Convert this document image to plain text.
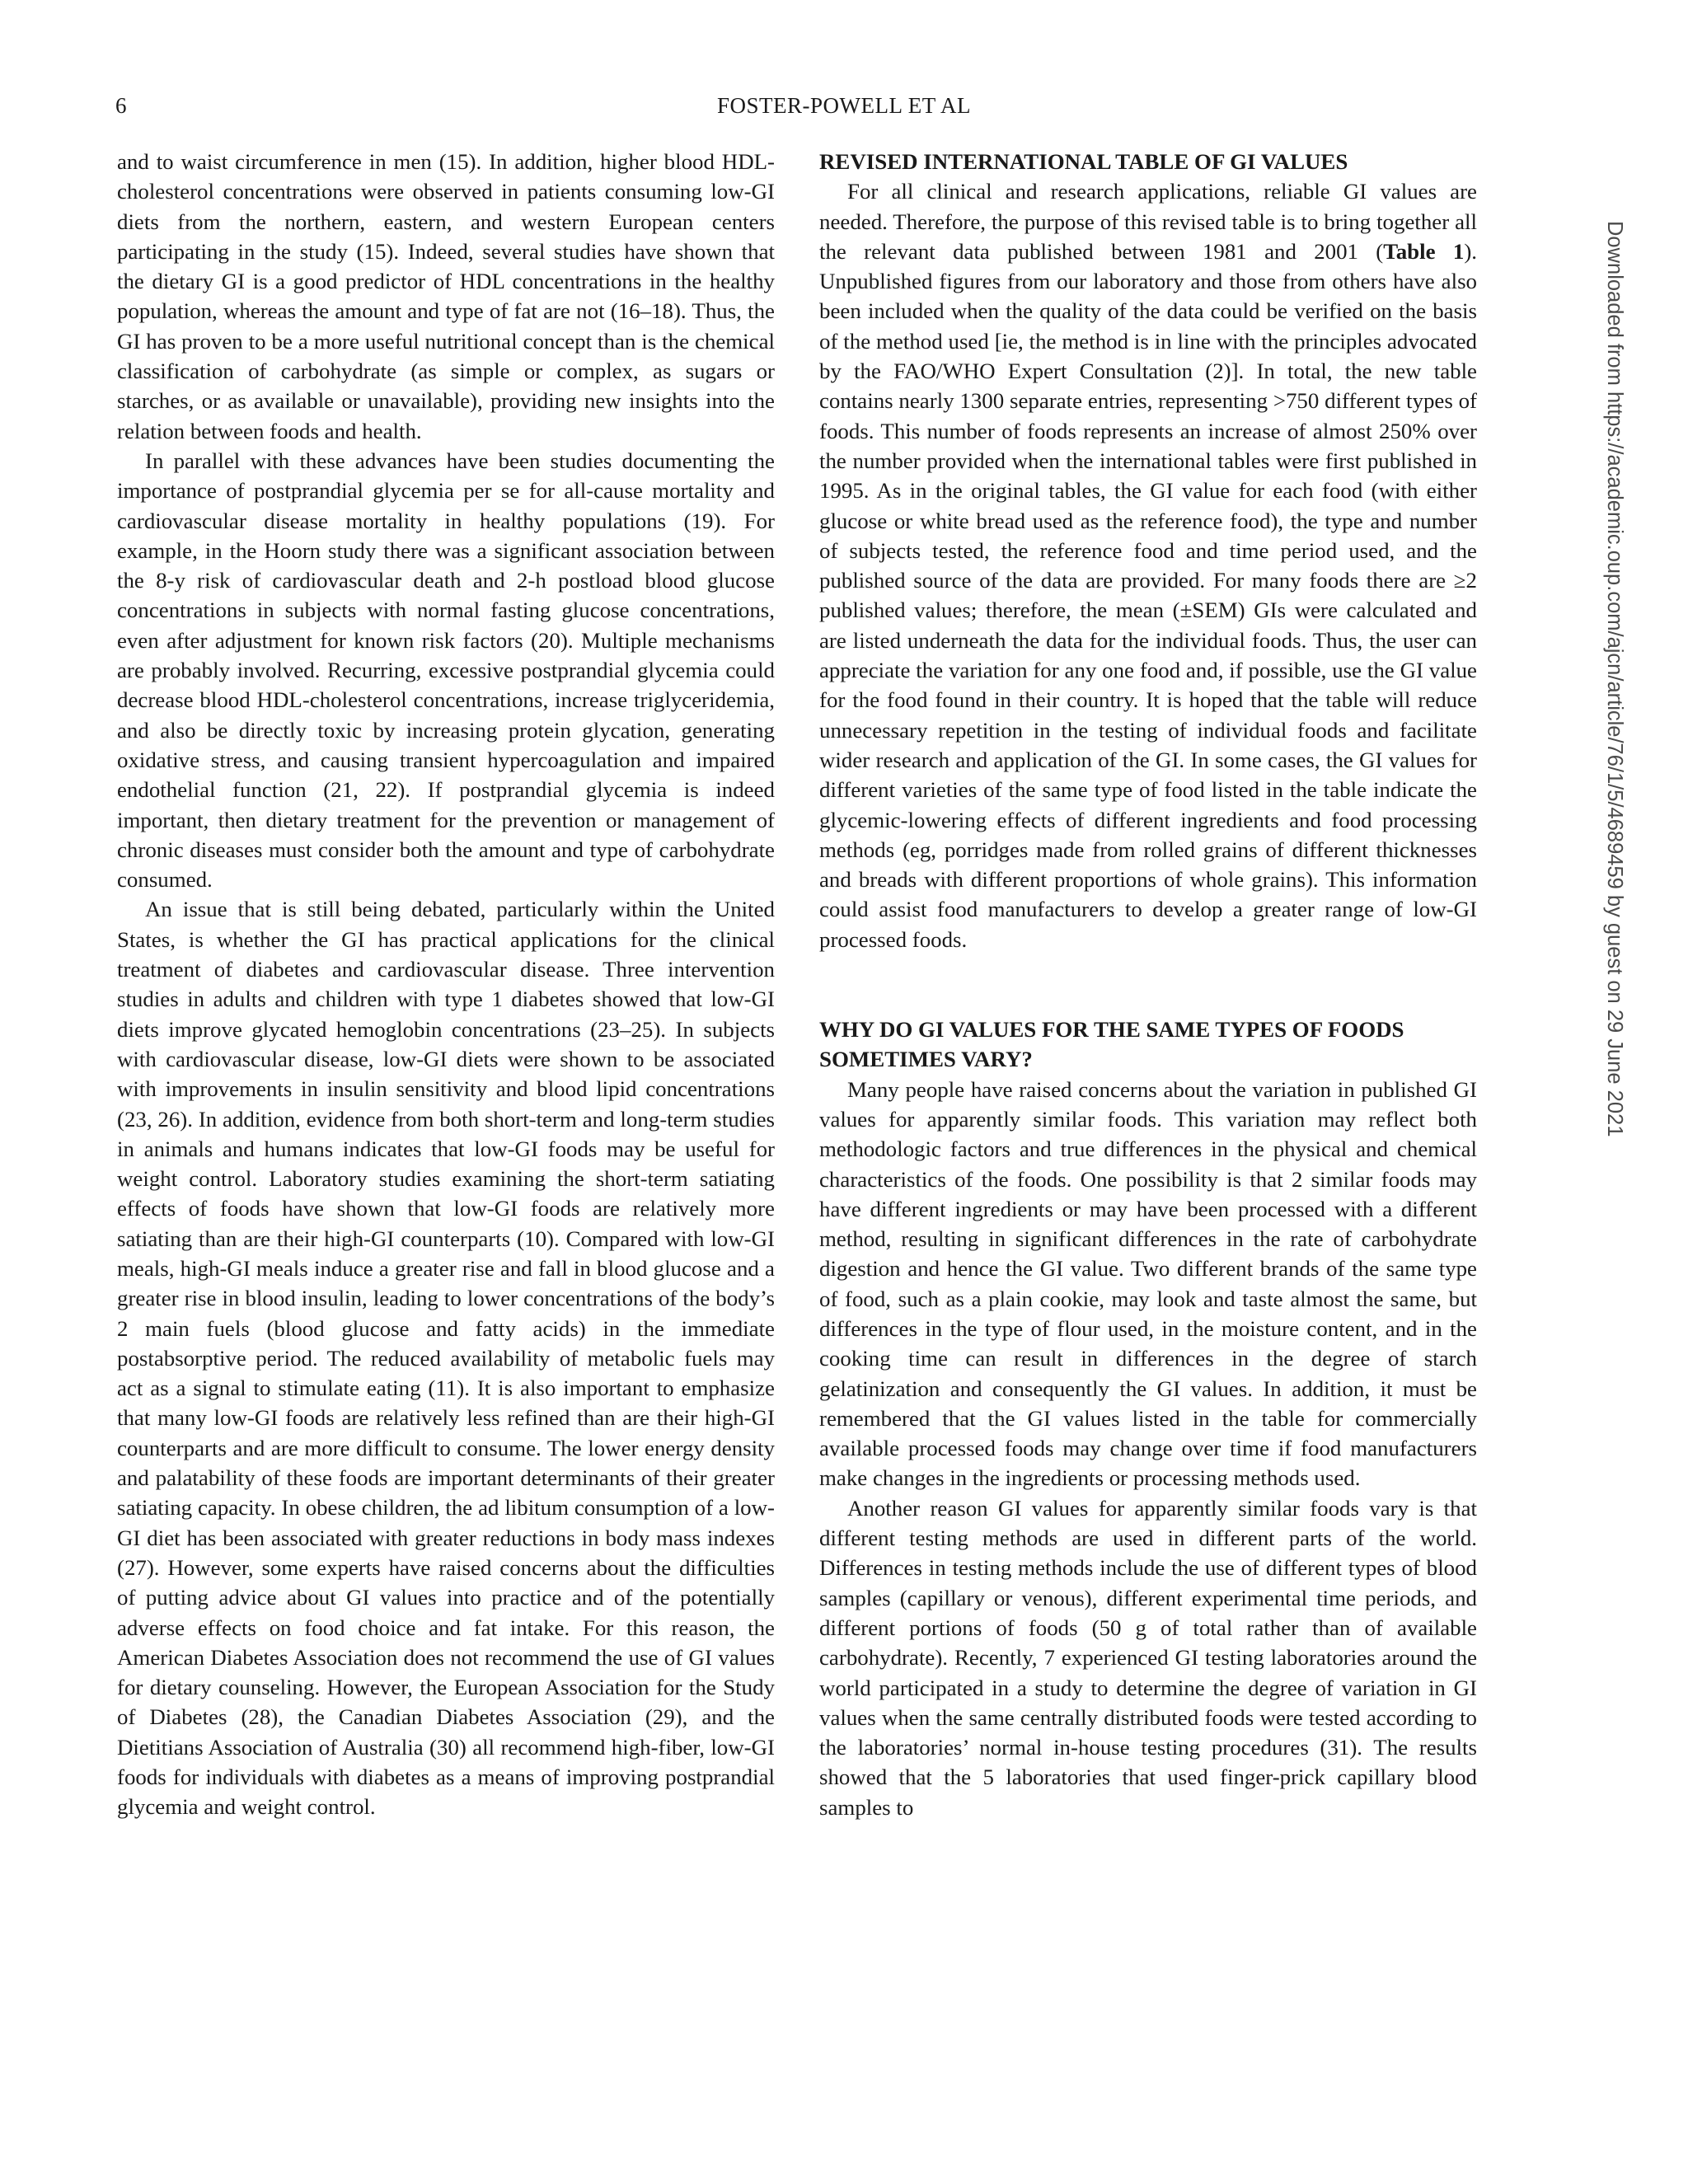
6	FOSTER-POWELL ET AL

and to waist circumference in men (15). In addition, higher blood HDL-cholesterol concentrations were observed in patients consuming low-GI diets from the northern, eastern, and western European centers participating in the study (15). Indeed, several studies have shown that the dietary GI is a good predictor of HDL concentrations in the healthy population, whereas the amount and type of fat are not (16–18). Thus, the GI has proven to be a more useful nutritional concept than is the chemical classification of carbohydrate (as simple or complex, as sugars or starches, or as available or unavailable), providing new insights into the relation between foods and health.

In parallel with these advances have been studies documenting the importance of postprandial glycemia per se for all-cause mortality and cardiovascular disease mortality in healthy populations (19). For example, in the Hoorn study there was a significant association between the 8-y risk of cardiovascular death and 2-h postload blood glucose concentrations in subjects with normal fasting glucose concentrations, even after adjustment for known risk factors (20). Multiple mechanisms are probably involved. Recurring, excessive postprandial glycemia could decrease blood HDL-cholesterol concentrations, increase triglyceridemia, and also be directly toxic by increasing protein glycation, generating oxidative stress, and causing transient hypercoagulation and impaired endothelial function (21, 22). If postprandial glycemia is indeed important, then dietary treatment for the prevention or management of chronic diseases must consider both the amount and type of carbohydrate consumed.

An issue that is still being debated, particularly within the United States, is whether the GI has practical applications for the clinical treatment of diabetes and cardiovascular disease. Three intervention studies in adults and children with type 1 diabetes showed that low-GI diets improve glycated hemoglobin concentrations (23–25). In subjects with cardiovascular disease, low-GI diets were shown to be associated with improvements in insulin sensitivity and blood lipid concentrations (23, 26). In addition, evidence from both short-term and long-term studies in animals and humans indicates that low-GI foods may be useful for weight control. Laboratory studies examining the short-term satiating effects of foods have shown that low-GI foods are relatively more satiating than are their high-GI counterparts (10). Compared with low-GI meals, high-GI meals induce a greater rise and fall in blood glucose and a greater rise in blood insulin, leading to lower concentrations of the body’s 2 main fuels (blood glucose and fatty acids) in the immediate postabsorptive period. The reduced availability of metabolic fuels may act as a signal to stimulate eating (11). It is also important to emphasize that many low-GI foods are relatively less refined than are their high-GI counterparts and are more difficult to consume. The lower energy density and palatability of these foods are important determinants of their greater satiating capacity. In obese children, the ad libitum consumption of a low-GI diet has been associated with greater reductions in body mass indexes (27). However, some experts have raised concerns about the difficulties of putting advice about GI values into practice and of the potentially adverse effects on food choice and fat intake. For this reason, the American Diabetes Association does not recommend the use of GI values for dietary counseling. However, the European Association for the Study of Diabetes (28), the Canadian Diabetes Association (29), and the Dietitians Association of Australia (30) all recommend high-fiber, low-GI foods for individuals with diabetes as a means of improving postprandial glycemia and weight control.

REVISED INTERNATIONAL TABLE OF GI VALUES

For all clinical and research applications, reliable GI values are needed. Therefore, the purpose of this revised table is to bring together all the relevant data published between 1981 and 2001 (Table 1). Unpublished figures from our laboratory and those from others have also been included when the quality of the data could be verified on the basis of the method used [ie, the method is in line with the principles advocated by the FAO/WHO Expert Consultation (2)]. In total, the new table contains nearly 1300 separate entries, representing >750 different types of foods. This number of foods represents an increase of almost 250% over the number provided when the international tables were first published in 1995. As in the original tables, the GI value for each food (with either glucose or white bread used as the reference food), the type and number of subjects tested, the reference food and time period used, and the published source of the data are provided. For many foods there are ≥2 published values; therefore, the mean (±SEM) GIs were calculated and are listed underneath the data for the individual foods. Thus, the user can appreciate the variation for any one food and, if possible, use the GI value for the food found in their country. It is hoped that the table will reduce unnecessary repetition in the testing of individual foods and facilitate wider research and application of the GI. In some cases, the GI values for different varieties of the same type of food listed in the table indicate the glycemic-lowering effects of different ingredients and food processing methods (eg, porridges made from rolled grains of different thicknesses and breads with different proportions of whole grains). This information could assist food manufacturers to develop a greater range of low-GI processed foods.

WHY DO GI VALUES FOR THE SAME TYPES OF FOODS SOMETIMES VARY?

Many people have raised concerns about the variation in published GI values for apparently similar foods. This variation may reflect both methodologic factors and true differences in the physical and chemical characteristics of the foods. One possibility is that 2 similar foods may have different ingredients or may have been processed with a different method, resulting in significant differences in the rate of carbohydrate digestion and hence the GI value. Two different brands of the same type of food, such as a plain cookie, may look and taste almost the same, but differences in the type of flour used, in the moisture content, and in the cooking time can result in differences in the degree of starch gelatinization and consequently the GI values. In addition, it must be remembered that the GI values listed in the table for commercially available processed foods may change over time if food manufacturers make changes in the ingredients or processing methods used.

Another reason GI values for apparently similar foods vary is that different testing methods are used in different parts of the world. Differences in testing methods include the use of different types of blood samples (capillary or venous), different experimental time periods, and different portions of foods (50 g of total rather than of available carbohydrate). Recently, 7 experienced GI testing laboratories around the world participated in a study to determine the degree of variation in GI values when the same centrally distributed foods were tested according to the laboratories’ normal in-house testing procedures (31). The results showed that the 5 laboratories that used finger-prick capillary blood samples to

Downloaded from https://academic.oup.com/ajcn/article/76/1/5/4689459 by guest on 29 June 2021
